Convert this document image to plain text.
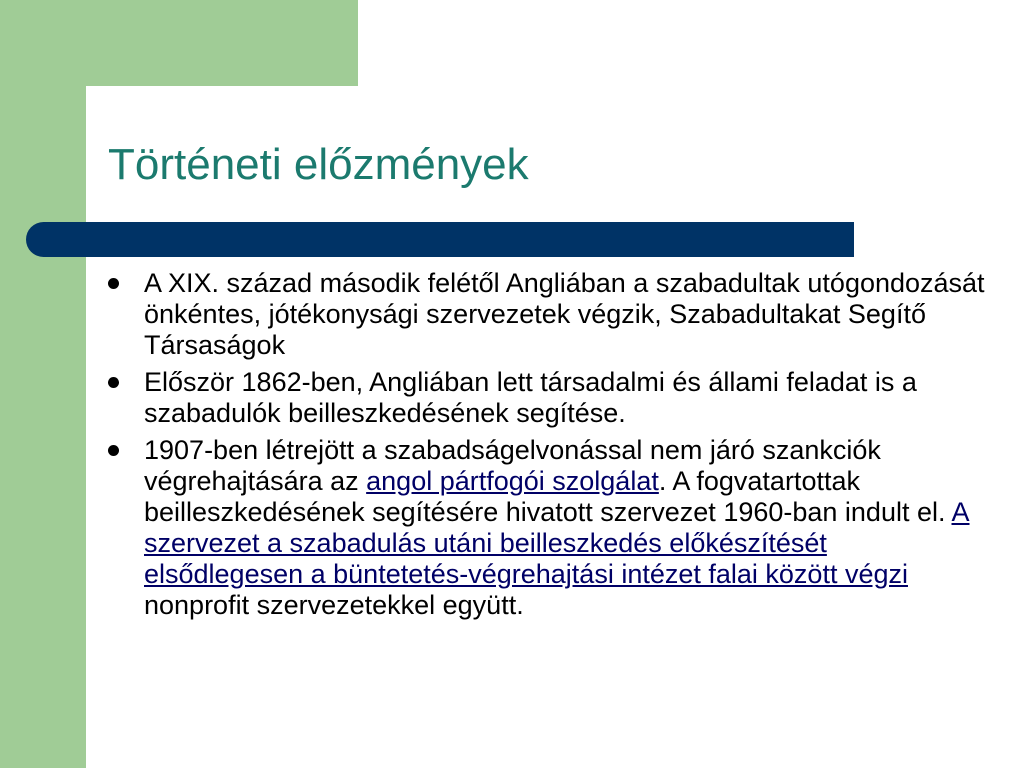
Történeti előzmények
A XIX. század második felétől Angliában a szabadultak utógondozását önkéntes, jótékonysági szervezetek végzik, Szabadultakat Segítő Társaságok
Először 1862-ben, Angliában lett társadalmi és állami feladat is a szabadulók beilleszkedésének segítése.
1907-ben létrejött a szabadságelvonással nem járó szankciók végrehajtására az angol pártfogói szolgálat. A fogvatartottak beilleszkedésének segítésére hivatott szervezet 1960-ban indult el. A szervezet a szabadulás utáni beilleszkedés előkészítését elsődlegesen a büntetetés-végrehajtási intézet falai között végzi nonprofit szervezetekkel együtt.
